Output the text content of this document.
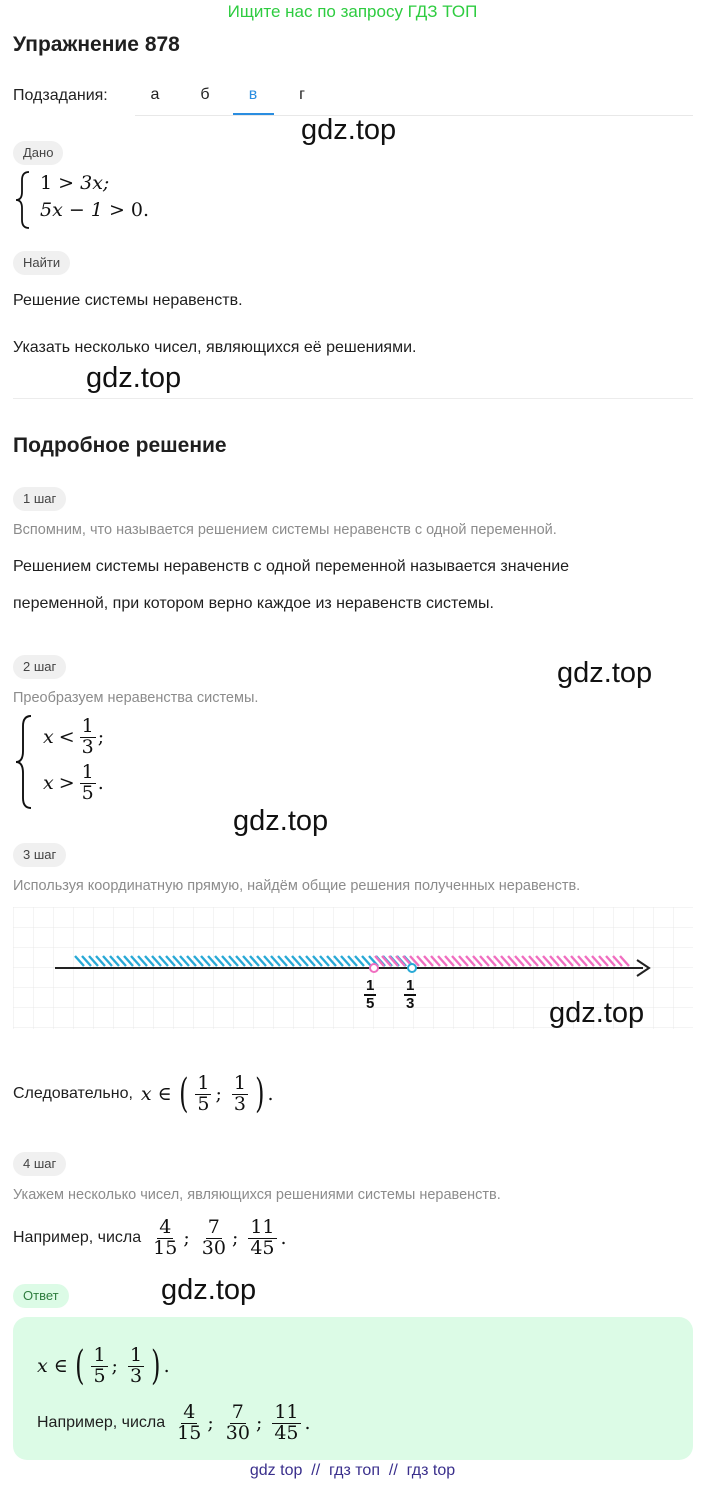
Ищите нас по запросу ГДЗ ТОП
Упражнение 878
Подзадания:	а	б	в	г
gdz.top
Дано
1 > 3x;
5x − 1 > 0.
Найти
Решение системы неравенств.
Указать несколько чисел, являющихся её решениями.
gdz.top
Подробное решение
1 шаг
Вспомним, что называется решением системы неравенств с одной переменной.
Решением системы неравенств с одной переменной называется значение
переменной, при котором верно каждое из неравенств системы.
2 шаг	gdz.top
Преобразуем неравенства системы.
$x < \frac{1}{3}$ ;
$x > \frac{1}{5}$ .
gdz.top
3 шаг
Используя координатную прямую, найдём общие решения полученных неравенств.
$\frac{1}{5} \frac{1}{3}$
gdz.top
Следовательно, x ∈ ( $\frac{1}{5}$ ; $\frac{1}{3}$ ) .
4 шаг
Укажем несколько чисел, являющихся решениями системы неравенств.
Например, числа $\frac{4}{15}$ ; $\frac{7}{30}$ ; $\frac{11}{45}$ .
Ответ	gdz.top
x ∈ ( $\frac{1}{5}$ ; $\frac{1}{3}$ ) .
Например, числа $\frac{4}{15}$ ; $\frac{7}{30}$ ; $\frac{11}{45}$ .
gdz top  //  гдз топ  //  гдз top
